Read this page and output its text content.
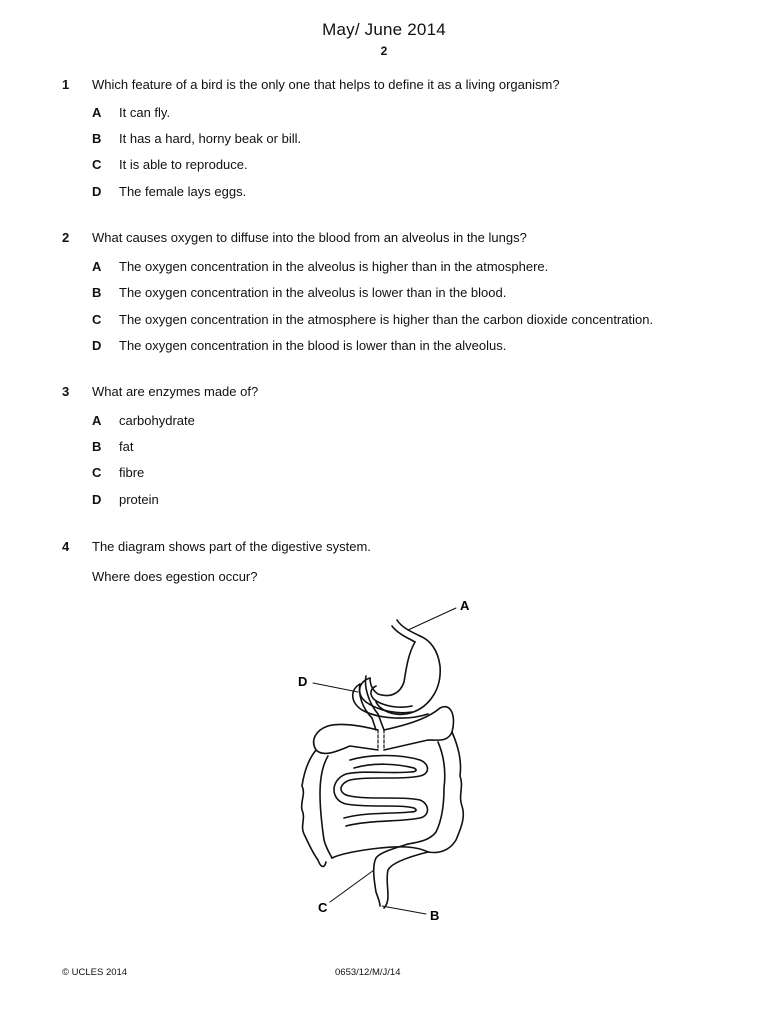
May/ June 2014
2
1 Which feature of a bird is the only one that helps to define it as a living organism?
A It can fly.
B It has a hard, horny beak or bill.
C It is able to reproduce.
D The female lays eggs.
2 What causes oxygen to diffuse into the blood from an alveolus in the lungs?
A The oxygen concentration in the alveolus is higher than in the atmosphere.
B The oxygen concentration in the alveolus is lower than in the blood.
C The oxygen concentration in the atmosphere is higher than the carbon dioxide concentration.
D The oxygen concentration in the blood is lower than in the alveolus.
3 What are enzymes made of?
A carbohydrate
B fat
C fibre
D protein
4 The diagram shows part of the digestive system.
Where does egestion occur?
A
D
C
B
© UCLES 2014	0653/12/M/J/14
